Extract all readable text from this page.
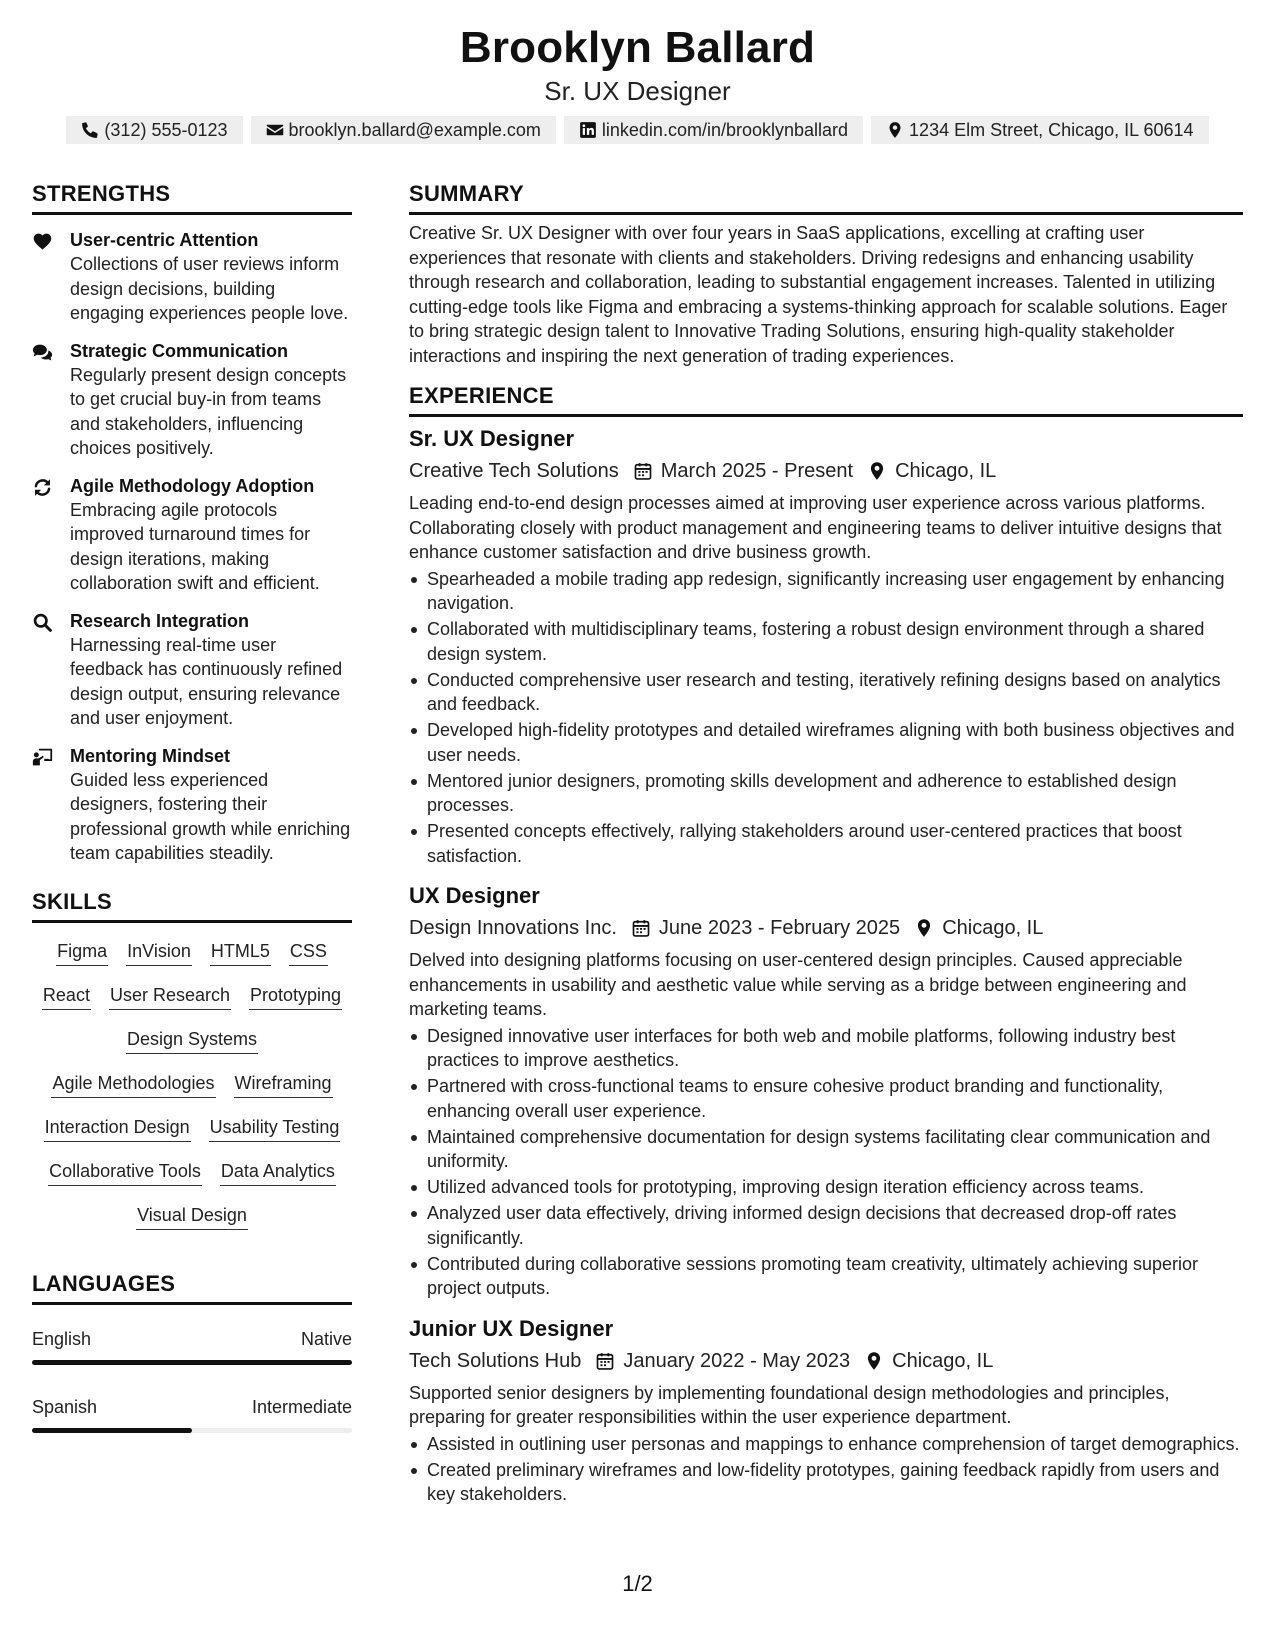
Brooklyn Ballard
Sr. UX Designer
(312) 555-0123	brooklyn.ballard@example.com	linkedin.com/in/brooklynballard	1234 Elm Street, Chicago, IL 60614
STRENGTHS
User-centric Attention
Collections of user reviews inform design decisions, building engaging experiences people love.
Strategic Communication
Regularly present design concepts to get crucial buy-in from teams and stakeholders, influencing choices positively.
Agile Methodology Adoption
Embracing agile protocols improved turnaround times for design iterations, making collaboration swift and efficient.
Research Integration
Harnessing real-time user feedback has continuously refined design output, ensuring relevance and user enjoyment.
Mentoring Mindset
Guided less experienced designers, fostering their professional growth while enriching team capabilities steadily.
SKILLS
Figma InVision HTML5 CSS
React User Research Prototyping
Design Systems
Agile Methodologies Wireframing
Interaction Design Usability Testing
Collaborative Tools Data Analytics
Visual Design
LANGUAGES
English	Native
Spanish	Intermediate
SUMMARY
Creative Sr. UX Designer with over four years in SaaS applications, excelling at crafting user experiences that resonate with clients and stakeholders. Driving redesigns and enhancing usability through research and collaboration, leading to substantial engagement increases. Talented in utilizing cutting-edge tools like Figma and embracing a systems-thinking approach for scalable solutions. Eager to bring strategic design talent to Innovative Trading Solutions, ensuring high-quality stakeholder interactions and inspiring the next generation of trading experiences.
EXPERIENCE
Sr. UX Designer
Creative Tech Solutions March 2025 - Present Chicago, IL
Leading end-to-end design processes aimed at improving user experience across various platforms. Collaborating closely with product management and engineering teams to deliver intuitive designs that enhance customer satisfaction and drive business growth.
Spearheaded a mobile trading app redesign, significantly increasing user engagement by enhancing navigation.
Collaborated with multidisciplinary teams, fostering a robust design environment through a shared design system.
Conducted comprehensive user research and testing, iteratively refining designs based on analytics and feedback.
Developed high-fidelity prototypes and detailed wireframes aligning with both business objectives and user needs.
Mentored junior designers, promoting skills development and adherence to established design processes.
Presented concepts effectively, rallying stakeholders around user-centered practices that boost satisfaction.
UX Designer
Design Innovations Inc. June 2023 - February 2025 Chicago, IL
Delved into designing platforms focusing on user-centered design principles. Caused appreciable enhancements in usability and aesthetic value while serving as a bridge between engineering and marketing teams.
Designed innovative user interfaces for both web and mobile platforms, following industry best practices to improve aesthetics.
Partnered with cross-functional teams to ensure cohesive product branding and functionality, enhancing overall user experience.
Maintained comprehensive documentation for design systems facilitating clear communication and uniformity.
Utilized advanced tools for prototyping, improving design iteration efficiency across teams.
Analyzed user data effectively, driving informed design decisions that decreased drop-off rates significantly.
Contributed during collaborative sessions promoting team creativity, ultimately achieving superior project outputs.
Junior UX Designer
Tech Solutions Hub January 2022 - May 2023 Chicago, IL
Supported senior designers by implementing foundational design methodologies and principles, preparing for greater responsibilities within the user experience department.
Assisted in outlining user personas and mappings to enhance comprehension of target demographics.
Created preliminary wireframes and low-fidelity prototypes, gaining feedback rapidly from users and key stakeholders.
1/2
